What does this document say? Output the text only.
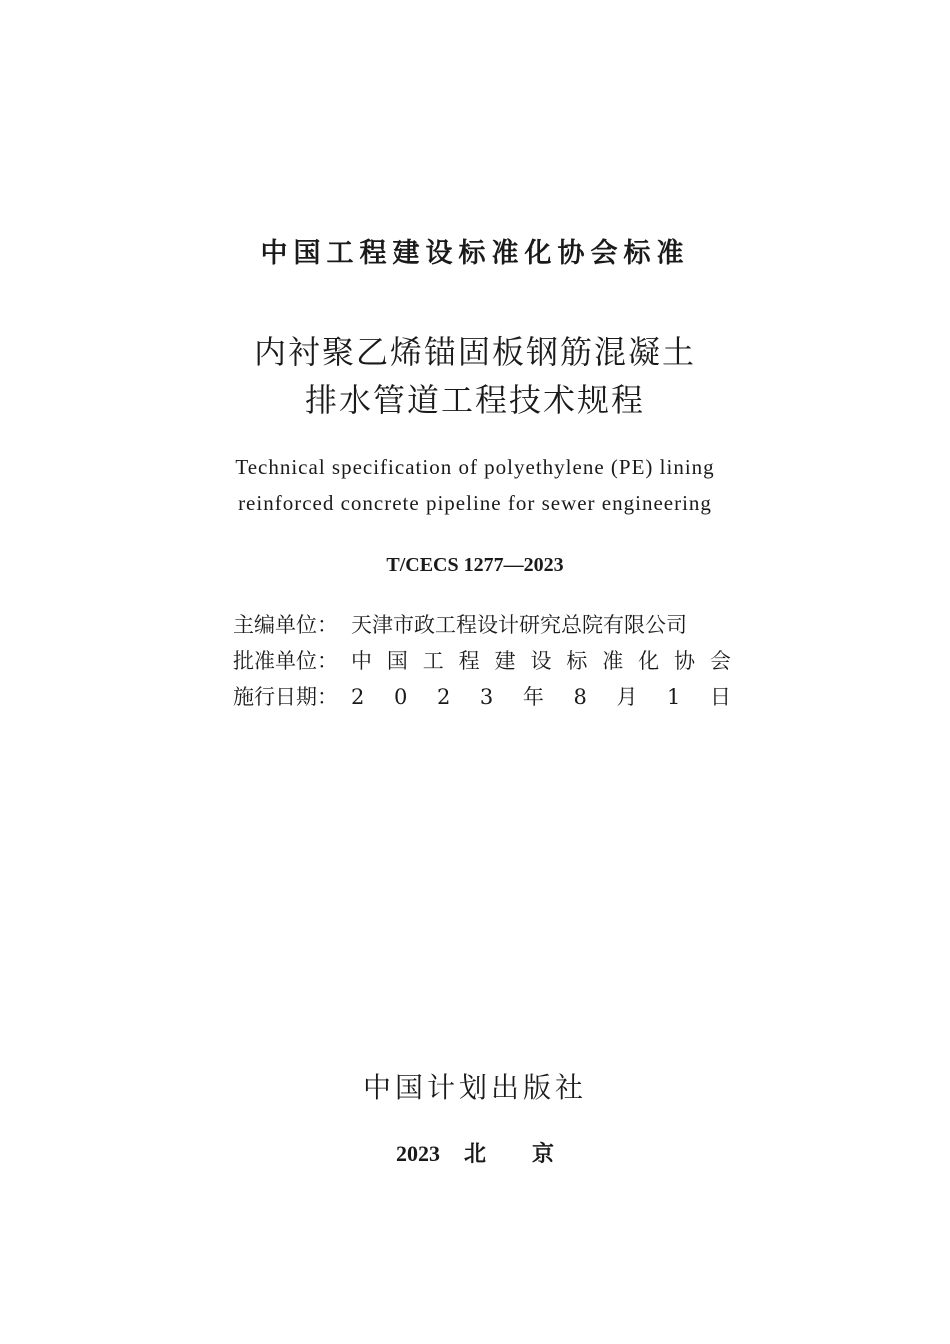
中国工程建设标准化协会标准
内衬聚乙烯锚固板钢筋混凝土
排水管道工程技术规程
Technical specification of polyethylene (PE) lining
reinforced concrete pipeline for sewer engineering
T/CECS 1277—2023
主编单位： 天津市政工程设计研究总院有限公司
批准单位： 中 国 工 程 建 设 标 准 化 协 会
施行日期： 2 0 2 3 年 8 月 1 日
中国计划出版社
2023 北 京
